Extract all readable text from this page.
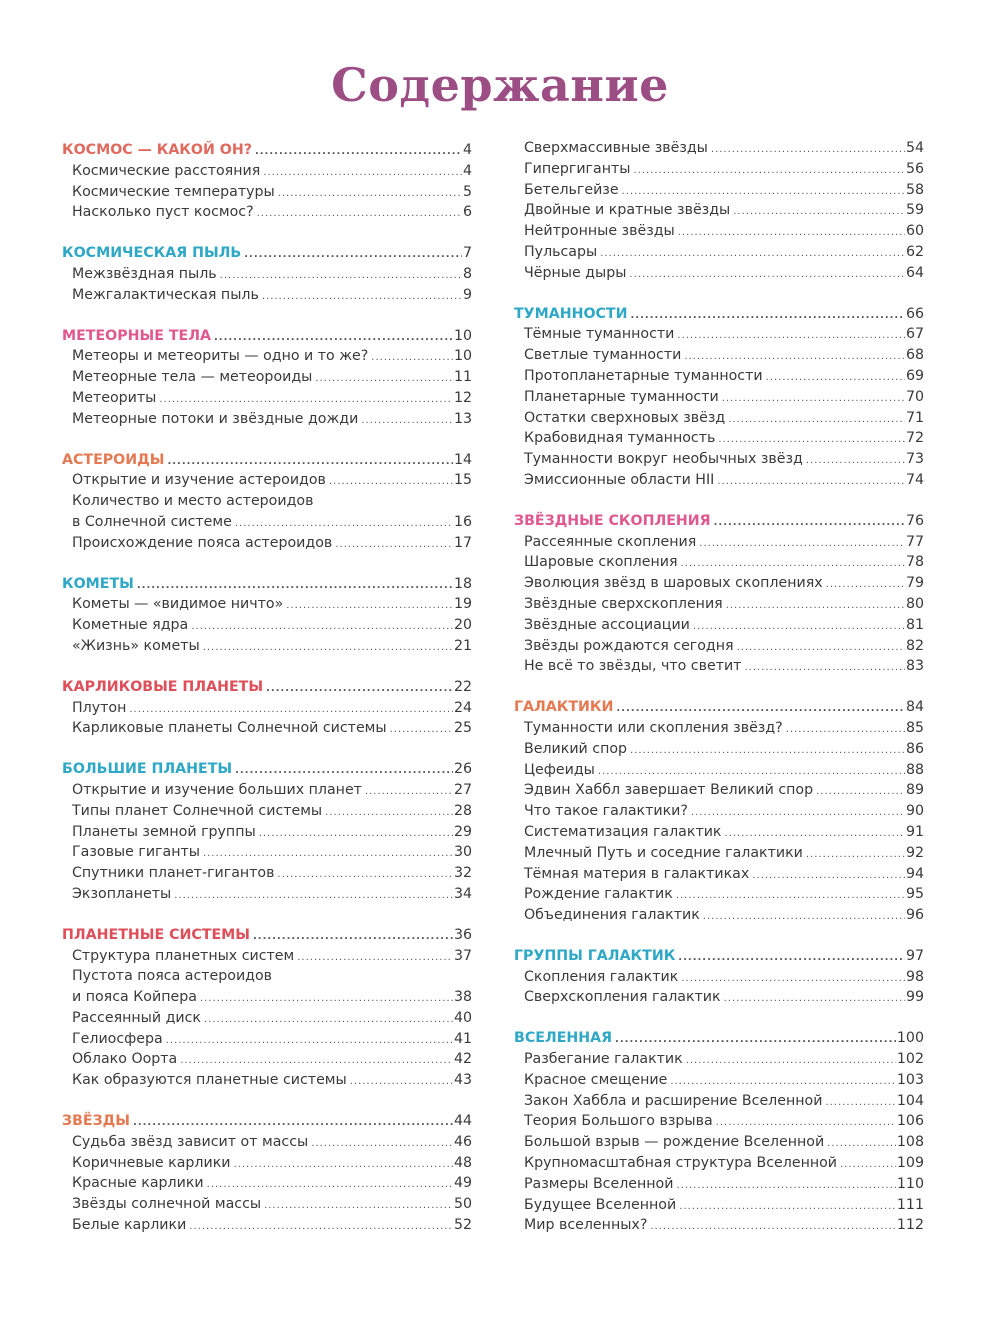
Содержание
КОСМОС — КАКОЙ ОН? .....	4
Космические расстояния .....	4
Космические температуры .....	5
Насколько пуст космос? .....	6
КОСМИЧЕСКАЯ ПЫЛЬ .....	7
Межзвёздная пыль .....	8
Межгалактическая пыль .....	9
МЕТЕОРНЫЕ ТЕЛА .....	10
Метеоры и метеориты — одно и то же? .....	10
Метеорные тела — метеороиды .....	11
Метеориты .....	12
Метеорные потоки и звёздные дожди .....	13
АСТЕРОИДЫ .....	14
Открытие и изучение астероидов .....	15
Количество и место астероидов
в Солнечной системе .....	16
Происхождение пояса астероидов .....	17
КОМЕТЫ .....	18
Кометы — «видимое ничто» .....	19
Кометные ядра .....	20
«Жизнь» кометы .....	21
КАРЛИКОВЫЕ ПЛАНЕТЫ .....	22
Плутон .....	24
Карликовые планеты Солнечной системы .....	25
БОЛЬШИЕ ПЛАНЕТЫ .....	26
Открытие и изучение больших планет .....	27
Типы планет Солнечной системы .....	28
Планеты земной группы .....	29
Газовые гиганты .....	30
Спутники планет-гигантов .....	32
Экзопланеты .....	34
ПЛАНЕТНЫЕ СИСТЕМЫ .....	36
Структура планетных систем .....	37
Пустота пояса астероидов
и пояса Койпера .....	38
Рассеянный диск .....	40
Гелиосфера .....	41
Облако Оорта .....	42
Как образуются планетные системы .....	43
ЗВЁЗДЫ .....	44
Судьба звёзд зависит от массы .....	46
Коричневые карлики .....	48
Красные карлики .....	49
Звёзды солнечной массы .....	50
Белые карлики .....	52
Сверхмассивные звёзды .....	54
Гипергиганты .....	56
Бетельгейзе .....	58
Двойные и кратные звёзды .....	59
Нейтронные звёзды .....	60
Пульсары .....	62
Чёрные дыры .....	64
ТУМАННОСТИ .....	66
Тёмные туманности .....	67
Светлые туманности .....	68
Протопланетарные туманности .....	69
Планетарные туманности .....	70
Остатки сверхновых звёзд .....	71
Крабовидная туманность .....	72
Туманности вокруг необычных звёзд .....	73
Эмиссионные области HII .....	74
ЗВЁЗДНЫЕ СКОПЛЕНИЯ .....	76
Рассеянные скопления .....	77
Шаровые скопления .....	78
Эволюция звёзд в шаровых скоплениях .....	79
Звёздные сверхскопления .....	80
Звёздные ассоциации .....	81
Звёзды рождаются сегодня .....	82
Не всё то звёзды, что светит .....	83
ГАЛАКТИКИ .....	84
Туманности или скопления звёзд? .....	85
Великий спор .....	86
Цефеиды .....	88
Эдвин Хаббл завершает Великий спор .....	89
Что такое галактики? .....	90
Систематизация галактик .....	91
Млечный Путь и соседние галактики .....	92
Тёмная материя в галактиках .....	94
Рождение галактик .....	95
Объединения галактик .....	96
ГРУППЫ ГАЛАКТИК .....	97
Скопления галактик .....	98
Сверхскопления галактик .....	99
ВСЕЛЕННАЯ .....	100
Разбегание галактик .....	102
Красное смещение .....	103
Закон Хаббла и расширение Вселенной .....	104
Теория Большого взрыва .....	106
Большой взрыв — рождение Вселенной .....	108
Крупномасштабная структура Вселенной .....	109
Размеры Вселенной .....	110
Будущее Вселенной .....	111
Мир вселенных? .....	112
